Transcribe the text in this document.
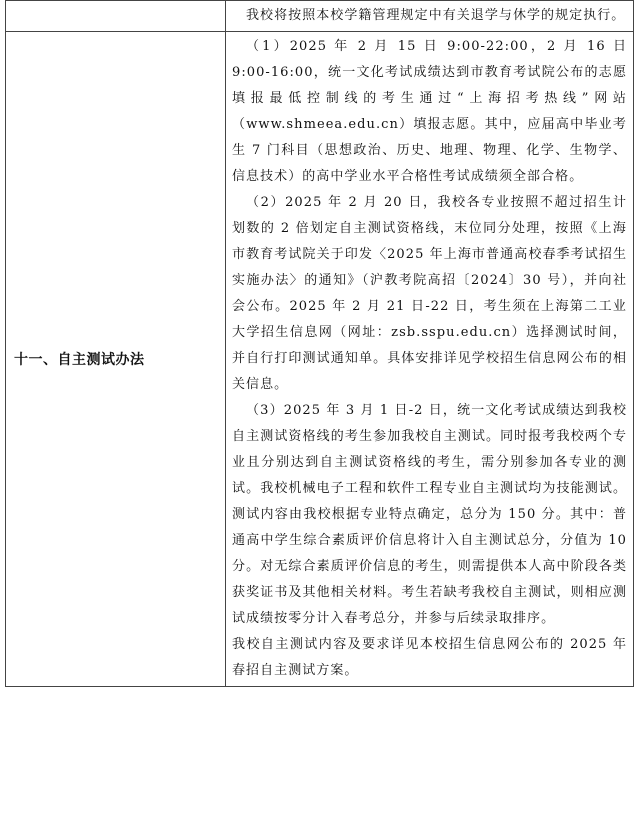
	我校将按照本校学籍管理规定中有关退学与休学的规定执行。

十一、自主测试办法	（1）2025 年 2 月 15 日 9:00-22:00，2 月 16 日 9:00-16:00，统一文化考试成绩达到市教育考试院公布的志愿填报最低控制线的考生通过“上海招考热线”网站（www.shmeea.edu.cn）填报志愿。其中，应届高中毕业考生 7 门科目（思想政治、历史、地理、物理、化学、生物学、信息技术）的高中学业水平合格性考试成绩须全部合格。

（2）2025 年 2 月 20 日，我校各专业按照不超过招生计划数的 2 倍划定自主测试资格线，末位同分处理，按照《上海市教育考试院关于印发〈2025 年上海市普通高校春季考试招生实施办法〉的通知》（沪教考院高招〔2024〕30 号），并向社会公布。2025 年 2 月 21 日-22 日，考生须在上海第二工业大学招生信息网（网址：zsb.sspu.edu.cn）选择测试时间，并自行打印测试通知单。具体安排详见学校招生信息网公布的相关信息。

（3）2025 年 3 月 1 日-2 日，统一文化考试成绩达到我校自主测试资格线的考生参加我校自主测试。同时报考我校两个专业且分别达到自主测试资格线的考生，需分别参加各专业的测试。我校机械电子工程和软件工程专业自主测试均为技能测试。测试内容由我校根据专业特点确定，总分为 150 分。其中：普通高中学生综合素质评价信息将计入自主测试总分，分值为 10 分。对无综合素质评价信息的考生，则需提供本人高中阶段各类获奖证书及其他相关材料。考生若缺考我校自主测试，则相应测试成绩按零分计入春考总分，并参与后续录取排序。

我校自主测试内容及要求详见本校招生信息网公布的 2025 年春招自主测试方案。
